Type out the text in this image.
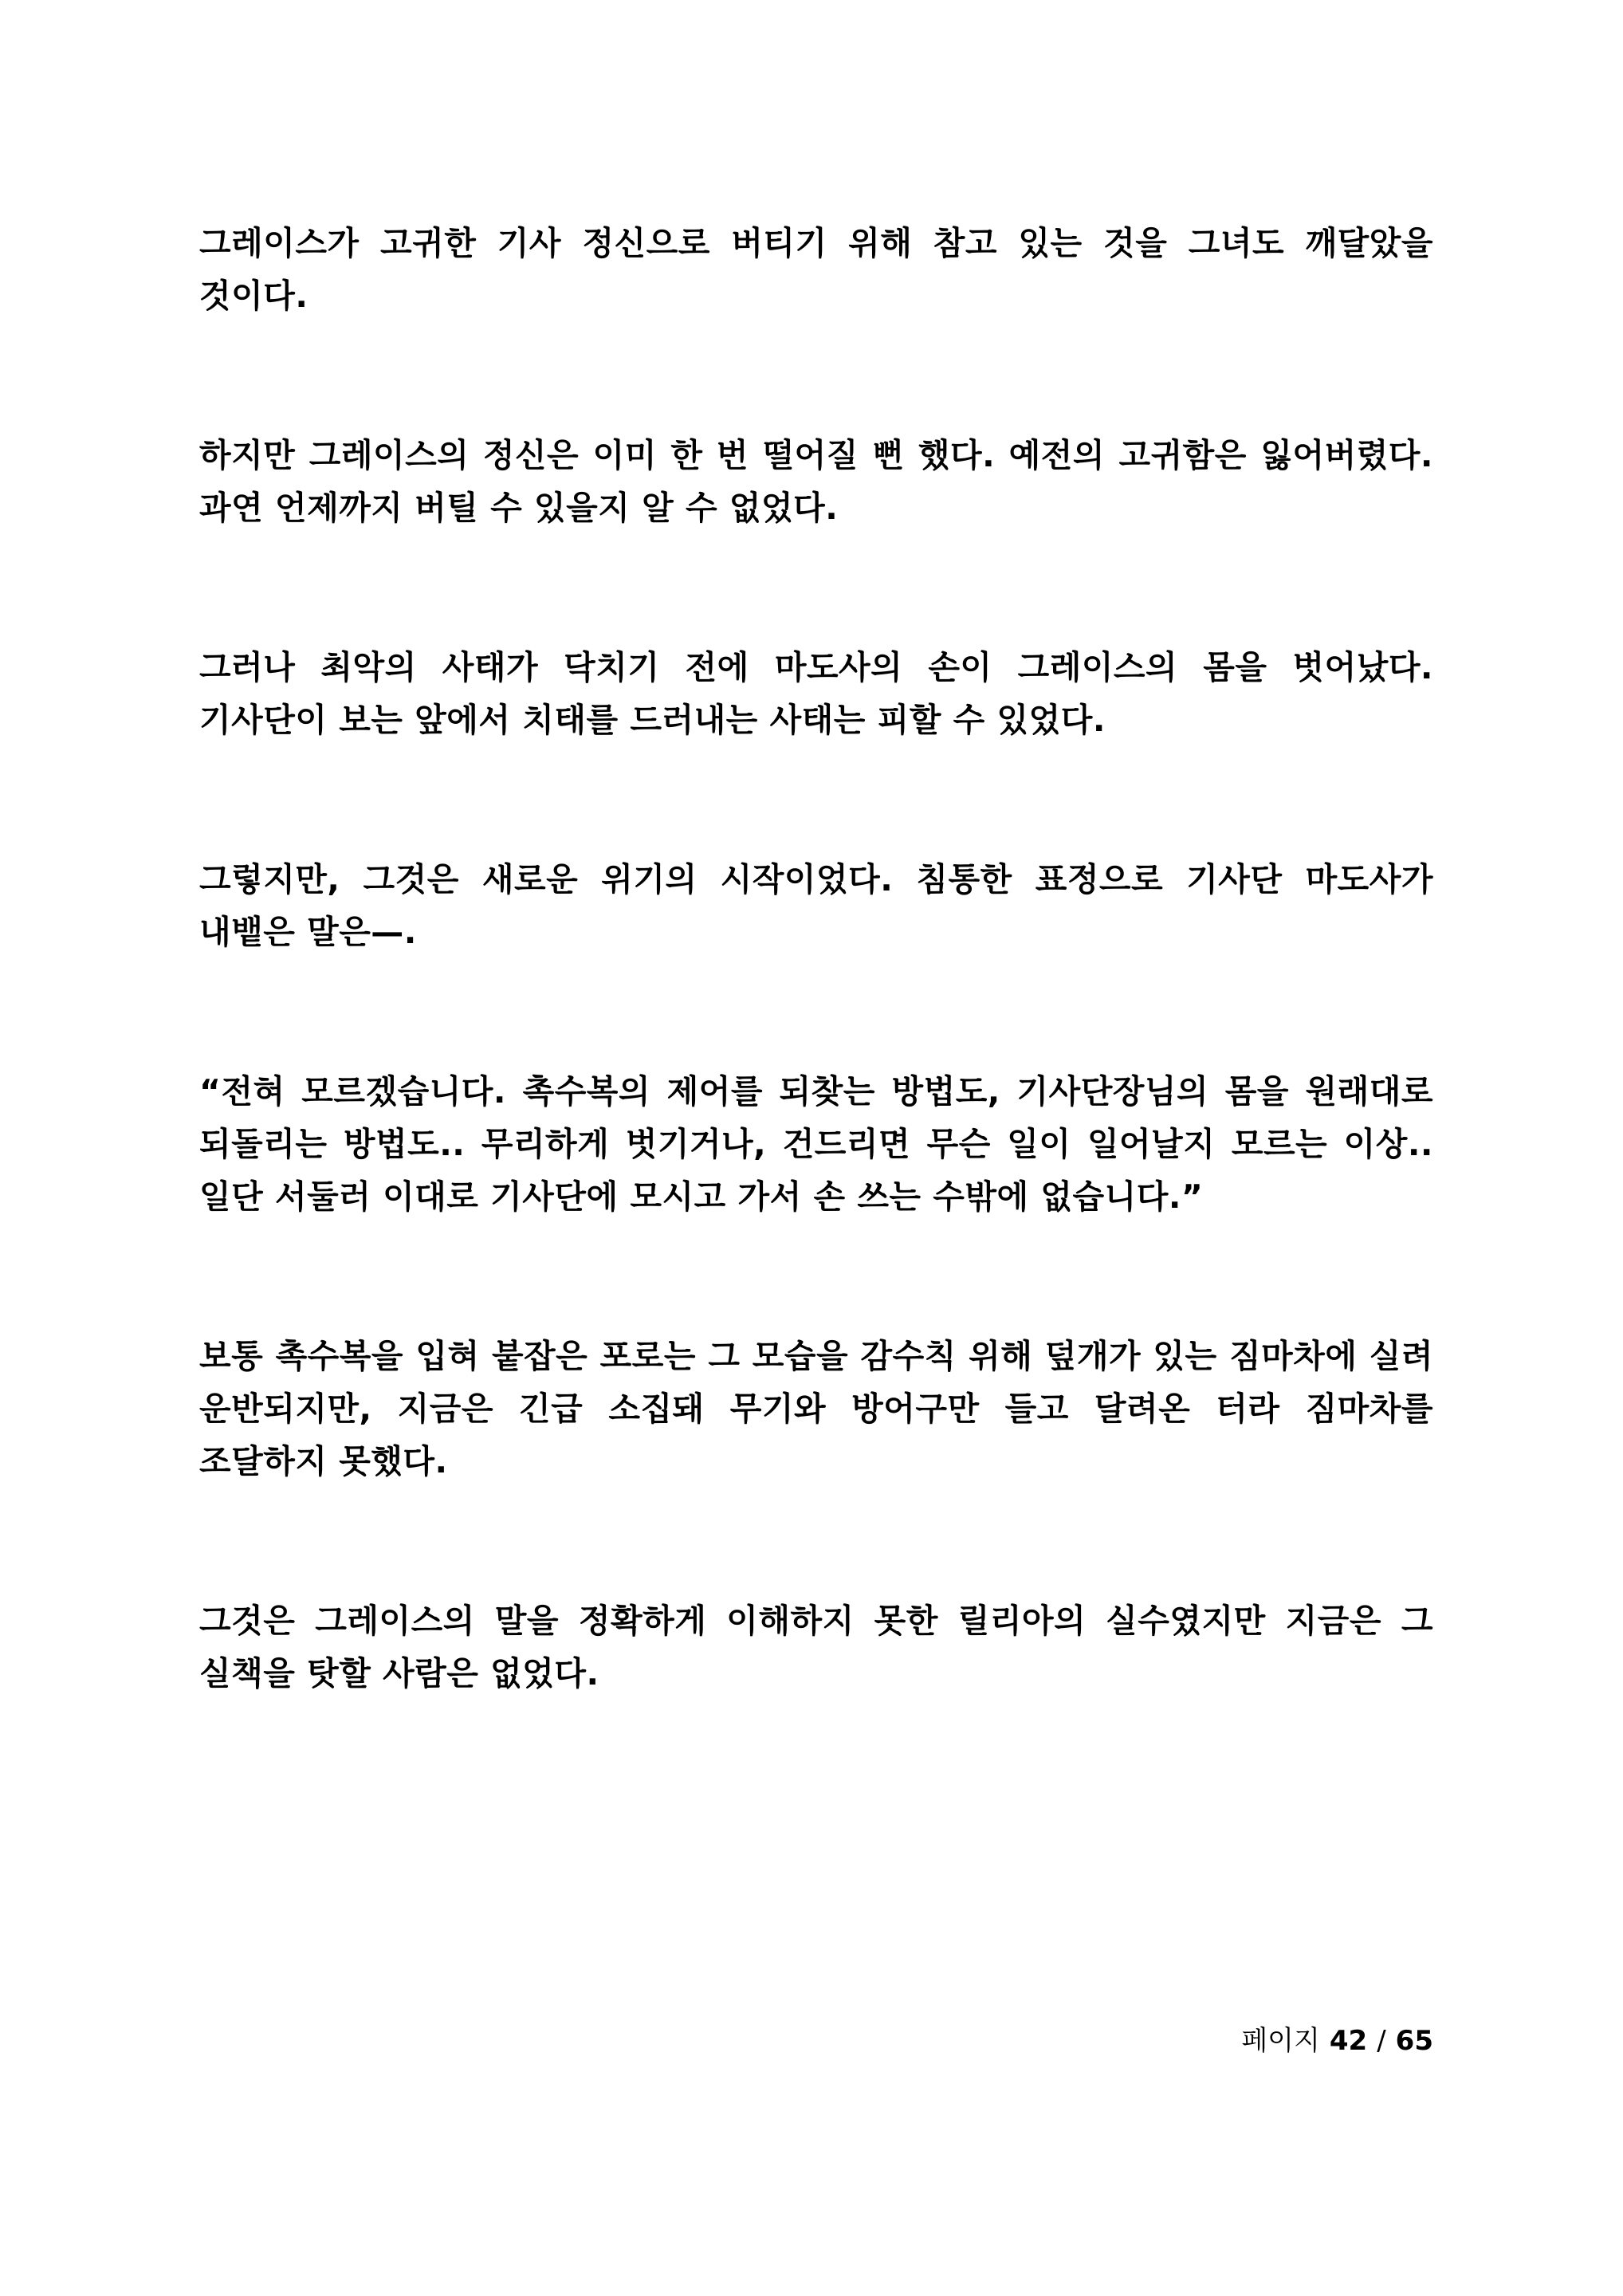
그레이스가 고귀한 기사 정신으로 버티기 위해 참고 있는 것을 그녀도 깨달았을 것이다.

하지만 그레이스의 정신은 이미 한 번 떨어질 뻔 했다. 예전의 고귀함은 잃어버렸다. 과연 언제까지 버틸 수 있을지 알 수 없었다.

그러나 최악의 사태가 닥치기 전에 마도사의 손이 그레이스의 몸을 벗어났다. 기사단이 보는 앞에서 치태를 드러내는 사태는 피할 수 있었다.

그렇지만, 그것은 새로운 위기의 시작이었다. 침통한 표정으로 기사단 마도사가 내뱉은 말은—.

“전혀 모르겠습니다. 촉수복의 제어를 되찾는 방법도, 기사단장님의 몸을 원래대로 되돌리는 방법도.. 무리하게 벗기거나, 건드리면 무슨 일이 일어날지 모르는 이상.. 일단 서둘러 이대로 기사단에 모시고 가서 손 쓰는 수밖에 없습니다.”

보통 촉수복을 입혀 붙잡은 포로는 그 모습을 감수칙 위해 덮개가 있는 짐마차에 실려 운반되지만, 지금은 긴급 소집돼 무기와 방어구만 들고 달려온 터라 짐마차를 조달하지 못했다.

그것은 그레이스의 말을 정확하게 이해하지 못한 릴리아의 실수였지만 지금은 그 실책을 탓할 사람은 없었다.

페이지 42 / 65
